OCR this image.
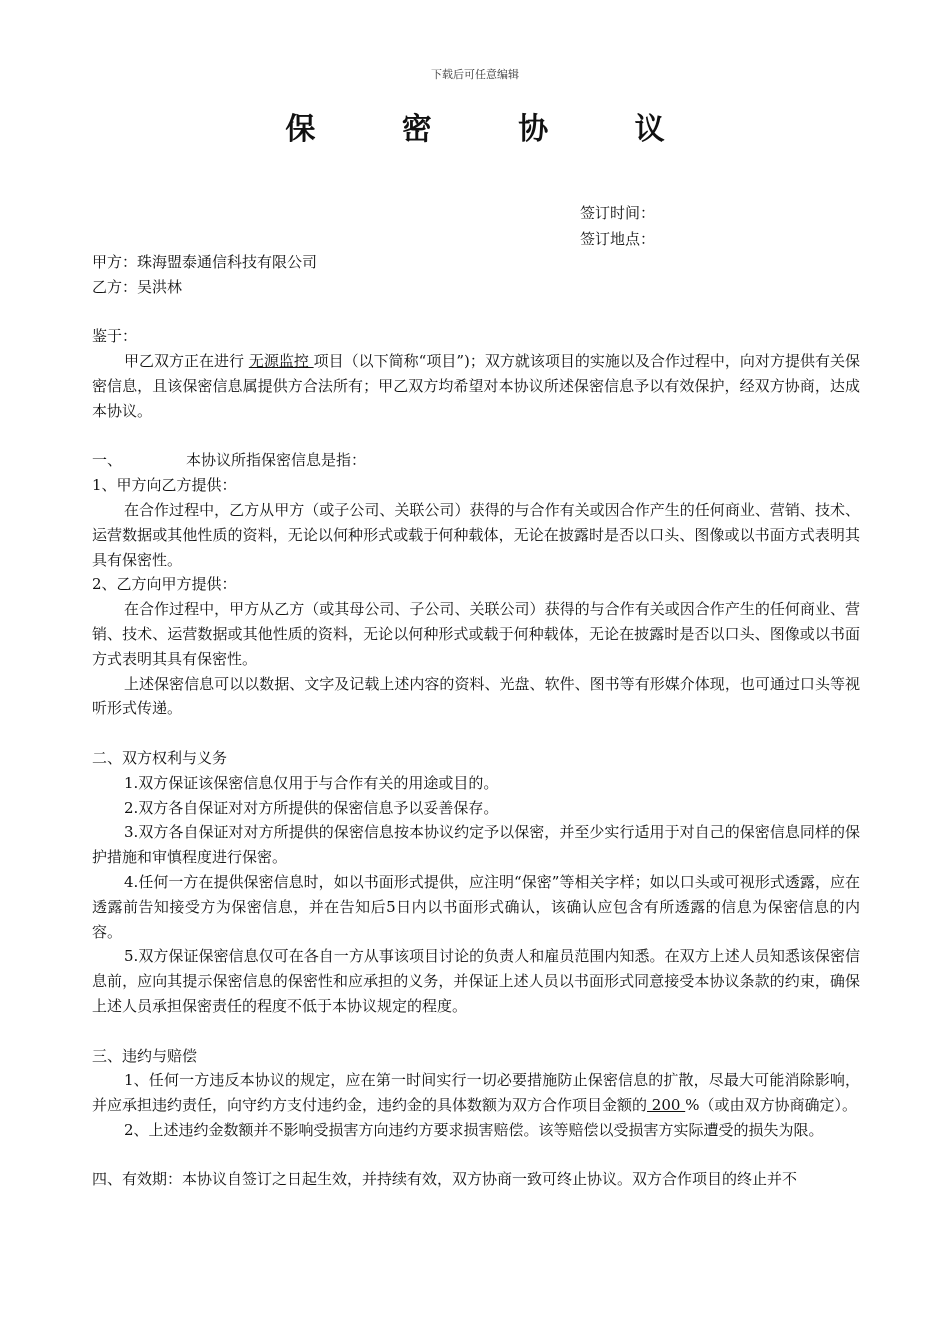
下载后可任意编辑
保 密 协 议
签订时间：
签订地点：

甲方：珠海盟泰通信科技有限公司

乙方：吴洪林

鉴于：

甲乙双方正在进行 无源监控 项目（以下简称“项目”)；双方就该项目的实施以及合作过程中，向对方提供有关保密信息，且该保密信息属提供方合法所有；甲乙双方均希望对本协议所述保密信息予以有效保护，经双方协商，达成本协议。

一、	本协议所指保密信息是指：

1、甲方向乙方提供：

在合作过程中，乙方从甲方（或子公司、关联公司）获得的与合作有关或因合作产生的任何商业、营销、技术、运营数据或其他性质的资料，无论以何种形式或载于何种载体，无论在披露时是否以口头、图像或以书面方式表明其具有保密性。

2、乙方向甲方提供：

在合作过程中，甲方从乙方（或其母公司、子公司、关联公司）获得的与合作有关或因合作产生的任何商业、营销、技术、运营数据或其他性质的资料，无论以何种形式或载于何种载体，无论在披露时是否以口头、图像或以书面方式表明其具有保密性。

上述保密信息可以以数据、文字及记载上述内容的资料、光盘、软件、图书等有形媒介体现，也可通过口头等视听形式传递。

二、双方权利与义务

1.双方保证该保密信息仅用于与合作有关的用途或目的。

2.双方各自保证对对方所提供的保密信息予以妥善保存。

3.双方各自保证对对方所提供的保密信息按本协议约定予以保密，并至少实行适用于对自己的保密信息同样的保护措施和审慎程度进行保密。

4.任何一方在提供保密信息时，如以书面形式提供，应注明“保密”等相关字样；如以口头或可视形式透露，应在透露前告知接受方为保密信息，并在告知后5日内以书面形式确认，该确认应包含有所透露的信息为保密信息的内容。

5.双方保证保密信息仅可在各自一方从事该项目讨论的负责人和雇员范围内知悉。在双方上述人员知悉该保密信息前，应向其提示保密信息的保密性和应承担的义务，并保证上述人员以书面形式同意接受本协议条款的约束，确保上述人员承担保密责任的程度不低于本协议规定的程度。

三、违约与赔偿

1、任何一方违反本协议的规定，应在第一时间实行一切必要措施防止保密信息的扩散，尽最大可能消除影响，并应承担违约责任，向守约方支付违约金，违约金的具体数额为双方合作项目金额的 200 %（或由双方协商确定）。

2、上述违约金数额并不影响受损害方向违约方要求损害赔偿。该等赔偿以受损害方实际遭受的损失为限。

四、有效期：本协议自签订之日起生效，并持续有效，双方协商一致可终止协议。双方合作项目的终止并不
